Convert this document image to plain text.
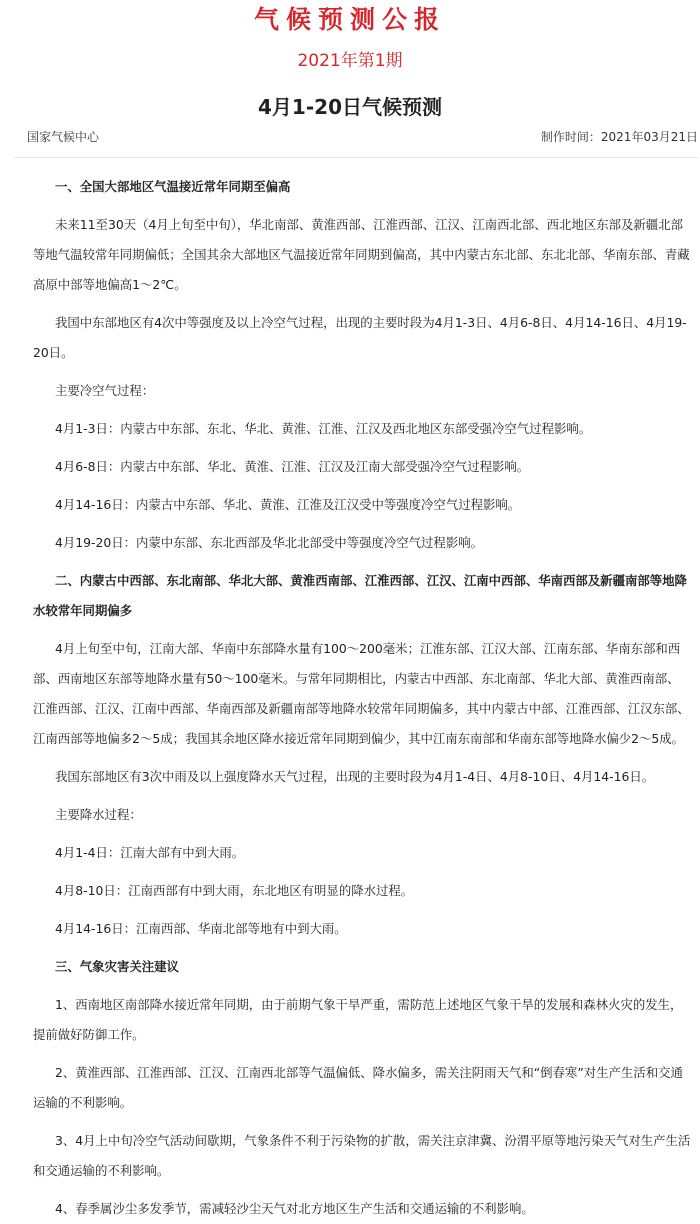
气候预测公报
2021年第1期
4月1-20日气候预测
国家气候中心	制作时间：2021年03月21日

一、全国大部地区气温接近常年同期至偏高

未来11至30天（4月上旬至中旬），华北南部、黄淮西部、江淮西部、江汉、江南西北部、西北地区东部及新疆北部等地气温较常年同期偏低；全国其余大部地区气温接近常年同期到偏高，其中内蒙古东北部、东北北部、华南东部、青藏高原中部等地偏高1～2℃。

我国中东部地区有4次中等强度及以上冷空气过程，出现的主要时段为4月1-3日、4月6-8日、4月14-16日、4月19-20日。

主要冷空气过程：

4月1-3日：内蒙古中东部、东北、华北、黄淮、江淮、江汉及西北地区东部受强冷空气过程影响。

4月6-8日：内蒙古中东部、华北、黄淮、江淮、江汉及江南大部受强冷空气过程影响。

4月14-16日：内蒙古中东部、华北、黄淮、江淮及江汉受中等强度冷空气过程影响。

4月19-20日：内蒙中东部、东北西部及华北北部受中等强度冷空气过程影响。

二、内蒙古中西部、东北南部、华北大部、黄淮西南部、江淮西部、江汉、江南中西部、华南西部及新疆南部等地降水较常年同期偏多

4月上旬至中旬，江南大部、华南中东部降水量有100～200毫米；江淮东部、江汉大部、江南东部、华南东部和西部、西南地区东部等地降水量有50～100毫米。与常年同期相比，内蒙古中西部、东北南部、华北大部、黄淮西南部、江淮西部、江汉、江南中西部、华南西部及新疆南部等地降水较常年同期偏多，其中内蒙古中部、江淮西部、江汉东部、江南西部等地偏多2～5成；我国其余地区降水接近常年同期到偏少，其中江南东南部和华南东部等地降水偏少2～5成。

我国东部地区有3次中雨及以上强度降水天气过程，出现的主要时段为4月1-4日、4月8-10日、4月14-16日。

主要降水过程：

4月1-4日：江南大部有中到大雨。

4月8-10日：江南西部有中到大雨，东北地区有明显的降水过程。

4月14-16日：江南西部、华南北部等地有中到大雨。

三、气象灾害关注建议

1、西南地区南部降水接近常年同期，由于前期气象干旱严重，需防范上述地区气象干旱的发展和森林火灾的发生，提前做好防御工作。

2、黄淮西部、江淮西部、江汉、江南西北部等气温偏低、降水偏多，需关注阴雨天气和“倒春寒”对生产生活和交通运输的不利影响。

3、4月上中旬冷空气活动间歇期，气象条件不利于污染物的扩散，需关注京津冀、汾渭平原等地污染天气对生产生活和交通运输的不利影响。

4、春季属沙尘多发季节，需减轻沙尘天气对北方地区生产生活和交通运输的不利影响。
